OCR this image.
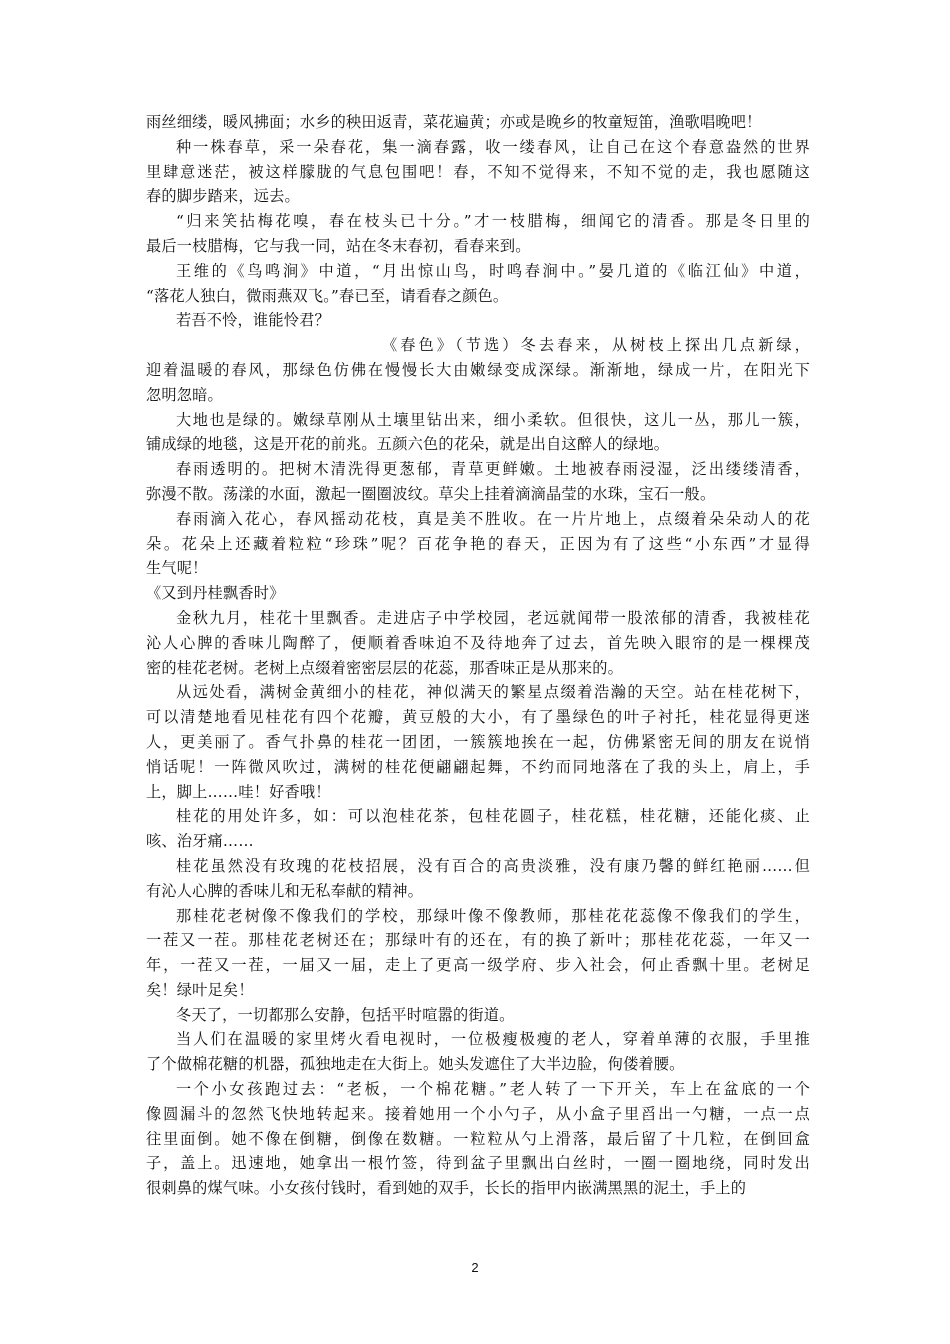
雨丝细缕，暖风拂面；水乡的秧田返青，菜花遍黄；亦或是晚乡的牧童短笛，渔歌唱晚吧！
种一株春草，采一朵春花，集一滴春露，收一缕春风，让自己在这个春意盎然的世界
里肆意迷茫，被这样朦胧的气息包围吧！春，不知不觉得来，不知不觉的走，我也愿随这
春的脚步踏来，远去。
“归来笑拈梅花嗅，春在枝头已十分。”才一枝腊梅，细闻它的清香。那是冬日里的
最后一枝腊梅，它与我一同，站在冬末春初，看春来到。
王维的《鸟鸣涧》中道，“月出惊山鸟，时鸣春涧中。”晏几道的《临江仙》中道，
“落花人独白，微雨燕双飞。”春已至，请看春之颜色。
若吾不怜，谁能怜君？
《春色》（节选）冬去春来，从树枝上探出几点新绿，
迎着温暖的春风，那绿色仿佛在慢慢长大由嫩绿变成深绿。渐渐地，绿成一片，在阳光下
忽明忽暗。
大地也是绿的。嫩绿草刚从土壤里钻出来，细小柔软。但很快，这儿一丛，那儿一簇，
铺成绿的地毯，这是开花的前兆。五颜六色的花朵，就是出自这醉人的绿地。
春雨透明的。把树木清洗得更葱郁，青草更鲜嫩。土地被春雨浸湿，泛出缕缕清香，
弥漫不散。荡漾的水面，激起一圈圈波纹。草尖上挂着滴滴晶莹的水珠，宝石一般。
春雨滴入花心，春风摇动花枝，真是美不胜收。在一片片地上，点缀着朵朵动人的花
朵。花朵上还藏着粒粒“珍珠”呢？百花争艳的春天，正因为有了这些“小东西”才显得
生气呢！
《又到丹桂飘香时》
金秋九月，桂花十里飘香。走进店子中学校园，老远就闻带一股浓郁的清香，我被桂花
沁人心脾的香味儿陶醉了，便顺着香味迫不及待地奔了过去，首先映入眼帘的是一棵棵茂
密的桂花老树。老树上点缀着密密层层的花蕊，那香味正是从那来的。
从远处看，满树金黄细小的桂花，神似满天的繁星点缀着浩瀚的天空。站在桂花树下，
可以清楚地看见桂花有四个花瓣，黄豆般的大小，有了墨绿色的叶子衬托，桂花显得更迷
人，更美丽了。香气扑鼻的桂花一团团，一簇簇地挨在一起，仿佛紧密无间的朋友在说悄
悄话呢！一阵微风吹过，满树的桂花便翩翩起舞，不约而同地落在了我的头上，肩上，手
上，脚上……哇！好香哦！
桂花的用处许多，如：可以泡桂花茶，包桂花圆子，桂花糕，桂花糖，还能化痰、止
咳、治牙痛……
桂花虽然没有玫瑰的花枝招展，没有百合的高贵淡雅，没有康乃馨的鲜红艳丽……但
有沁人心脾的香味儿和无私奉献的精神。
那桂花老树像不像我们的学校，那绿叶像不像教师，那桂花花蕊像不像我们的学生，
一茬又一茬。那桂花老树还在；那绿叶有的还在，有的换了新叶；那桂花花蕊，一年又一
年，一茬又一茬，一届又一届，走上了更高一级学府、步入社会，何止香飘十里。老树足
矣！绿叶足矣！
冬天了，一切都那么安静，包括平时喧嚣的街道。
当人们在温暖的家里烤火看电视时，一位极瘦极瘦的老人，穿着单薄的衣服，手里推
了个做棉花糖的机器，孤独地走在大街上。她头发遮住了大半边脸，佝偻着腰。
一个小女孩跑过去：“老板，一个棉花糖。”老人转了一下开关，车上在盆底的一个
像圆漏斗的忽然飞快地转起来。接着她用一个小勺子，从小盒子里舀出一勺糖，一点一点
往里面倒。她不像在倒糖，倒像在数糖。一粒粒从勺上滑落，最后留了十几粒，在倒回盒
子，盖上。迅速地，她拿出一根竹签，待到盆子里飘出白丝时，一圈一圈地绕，同时发出
很刺鼻的煤气味。小女孩付钱时，看到她的双手，长长的指甲内嵌满黑黑的泥土，手上的
2
